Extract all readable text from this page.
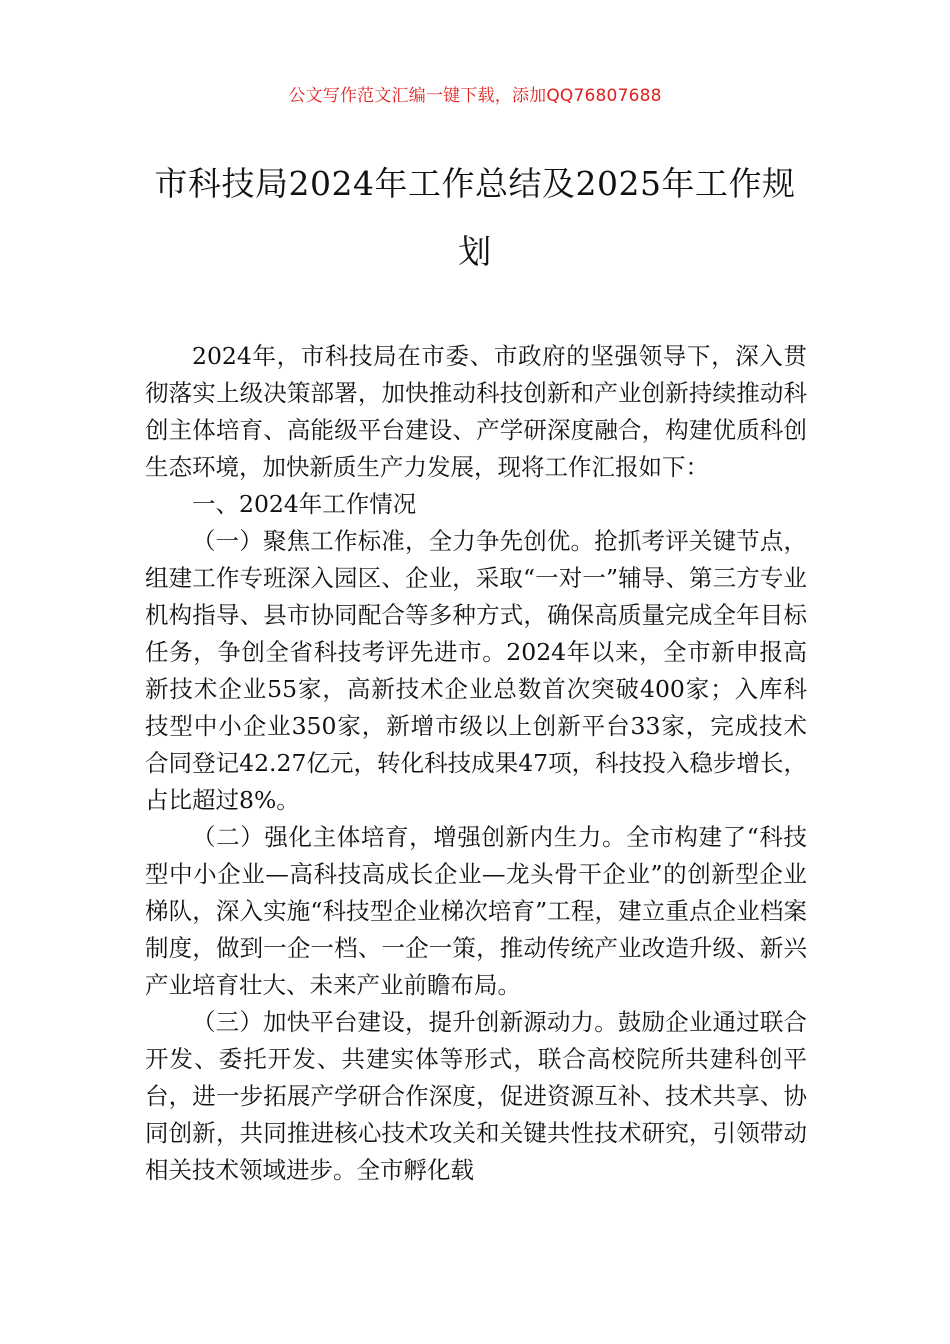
公文写作范文汇编一键下载，添加QQ76807688
市科技局2024年工作总结及2025年工作规划

2024年，市科技局在市委、市政府的坚强领导下，深入贯彻落实上级决策部署，加快推动科技创新和产业创新持续推动科创主体培育、高能级平台建设、产学研深度融合，构建优质科创生态环境，加快新质生产力发展，现将工作汇报如下：

一、2024年工作情况

（一）聚焦工作标准，全力争先创优。抢抓考评关键节点，组建工作专班深入园区、企业，采取“一对一”辅导、第三方专业机构指导、县市协同配合等多种方式，确保高质量完成全年目标任务，争创全省科技考评先进市。2024年以来，全市新申报高新技术企业55家，高新技术企业总数首次突破400家；入库科技型中小企业350家，新增市级以上创新平台33家，完成技术合同登记42.27亿元，转化科技成果47项，科技投入稳步增长，占比超过8%。

（二）强化主体培育，增强创新内生力。全市构建了“科技型中小企业—高科技高成长企业—龙头骨干企业”的创新型企业梯队，深入实施“科技型企业梯次培育”工程，建立重点企业档案制度，做到一企一档、一企一策，推动传统产业改造升级、新兴产业培育壮大、未来产业前瞻布局。

（三）加快平台建设，提升创新源动力。鼓励企业通过联合开发、委托开发、共建实体等形式，联合高校院所共建科创平台，进一步拓展产学研合作深度，促进资源互补、技术共享、协同创新，共同推进核心技术攻关和关键共性技术研究，引领带动相关技术领域进步。全市孵化载
